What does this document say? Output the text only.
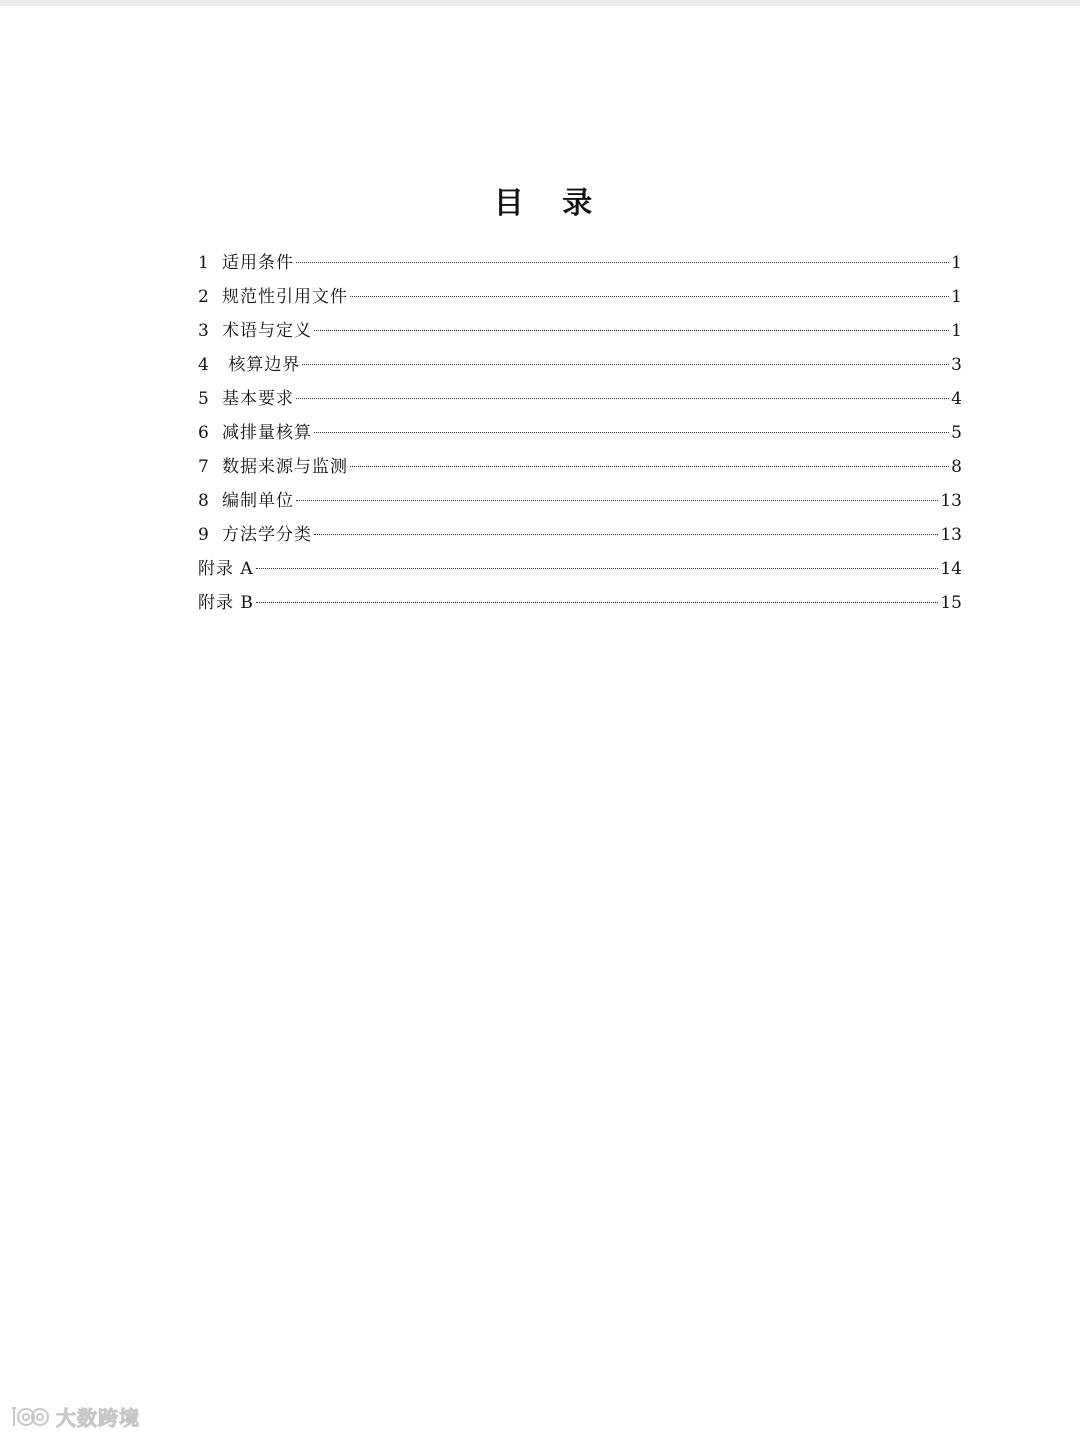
目 录
1 适用条件	1
2 规范性引用文件	1
3 术语与定义	1
4 核算边界	3
5 基本要求	4
6 减排量核算	5
7 数据来源与监测	8
8 编制单位	13
9 方法学分类	13
附录 A	14
附录 B	15
大数跨境
